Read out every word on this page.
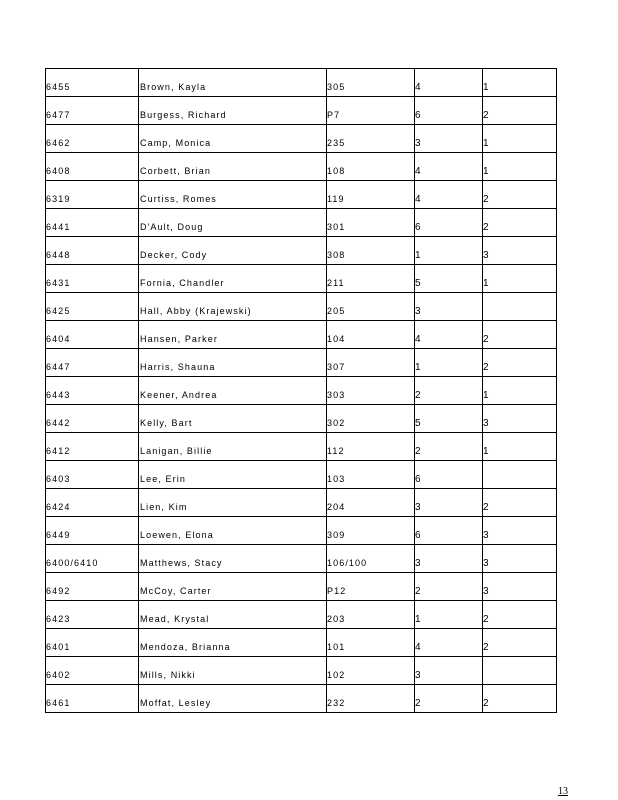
6455	Brown, Kayla	305	4	1

6477	Burgess, Richard	P7	6	2

6462	Camp, Monica	235	3	1

6408	Corbett, Brian	108	4	1

6319	Curtiss, Romes	119	4	2

6441	D'Ault, Doug	301	6	2

6448	Decker, Cody	308	1	3

6431	Fornia, Chandler	211	5	1

6425	Hall, Abby (Krajewski)	205	3	

6404	Hansen, Parker	104	4	2

6447	Harris, Shauna	307	1	2

6443	Keener, Andrea	303	2	1

6442	Kelly, Bart	302	5	3

6412	Lanigan, Billie	112	2	1

6403	Lee, Erin	103	6	

6424	Lien, Kim	204	3	2

6449	Loewen, Elona	309	6	3

6400/6410	Matthews, Stacy	106/100	3	3

6492	McCoy, Carter	P12	2	3

6423	Mead, Krystal	203	1	2

6401	Mendoza, Brianna	101	4	2

6402	Mills, Nikki	102	3	

6461	Moffat, Lesley	232	2	2
13
